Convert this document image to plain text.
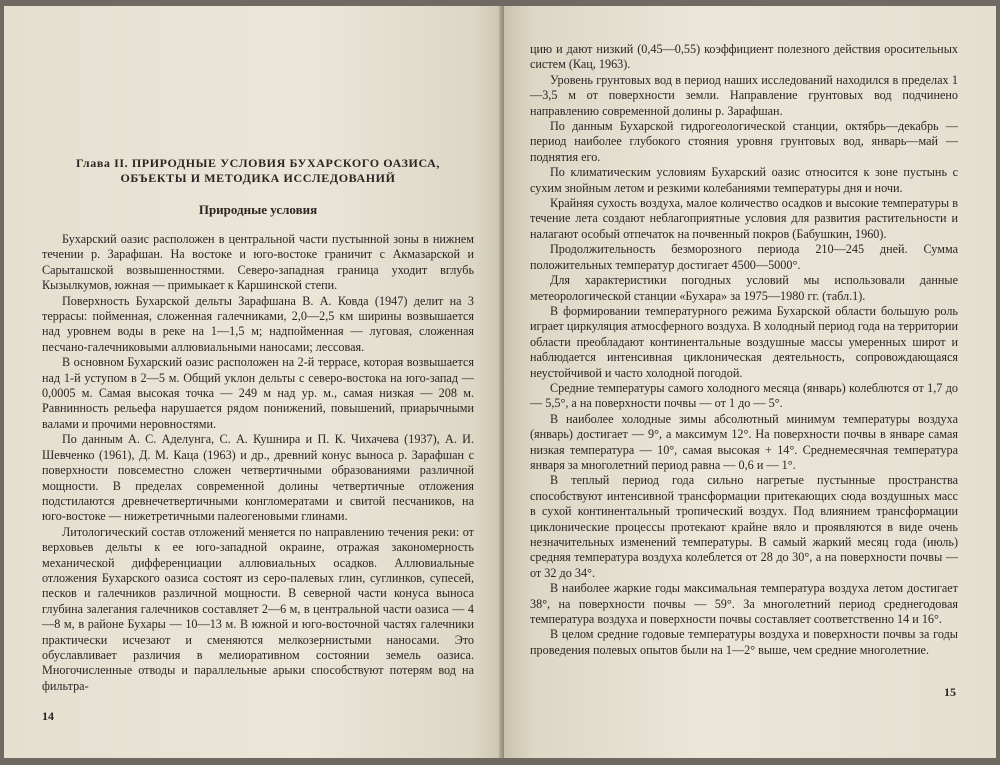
Глава II. ПРИРОДНЫЕ УСЛОВИЯ БУХАРСКОГО ОАЗИСА, ОБЪЕКТЫ И МЕТОДИКА ИССЛЕДОВАНИЙ
Природные условия

Бухарский оазис расположен в центральной части пустынной зоны в нижнем течении р. Зарафшан. На востоке и юго-востоке граничит с Акмазарской и Сарыташской возвышенностями. Северо-западная граница уходит вглубь Кызылкумов, южная — примыкает к Каршинской степи.

Поверхность Бухарской дельты Зарафшана В. А. Ковда (1947) делит на 3 террасы: пойменная, сложенная галечниками, 2,0—2,5 км ширины возвышается над уровнем воды в реке на 1—1,5 м; надпойменная — луговая, сложенная песчано-галечниковыми аллювиальными наносами; лессовая.

В основном Бухарский оазис расположен на 2-й террасе, которая возвышается над 1-й уступом в 2—5 м. Общий уклон дельты с северо-востока на юго-запад — 0,0005 м. Самая высокая точка — 249 м над ур. м., самая низкая — 208 м. Равнинность рельефа нарушается рядом понижений, повышений, приарычными валами и прочими неровностями.

По данным А. С. Аделунга, С. А. Кушнира и П. К. Чихачева (1937), А. И. Шевченко (1961), Д. М. Каца (1963) и др., древний конус выноса р. Зарафшан с поверхности повсеместно сложен четвертичными образованиями различной мощности. В пределах современной долины четвертичные отложения подстилаются древнечетвертичными конгломератами и свитой песчаников, на юго-востоке — нижетретичными палеогеновыми глинами.

Литологический состав отложений меняется по направлению течения реки: от верховьев дельты к ее юго-западной окраине, отражая закономерность механической дифференциации аллювиальных осадков. Аллювиальные отложения Бухарского оазиса состоят из серо-палевых глин, суглинков, супесей, песков и галечников различной мощности. В северной части конуса выноса глубина залегания галечников составляет 2—6 м, в центральной части оазиса — 4—8 м, в районе Бухары — 10—13 м. В южной и юго-восточной частях галечники практически исчезают и сменяются мелкозернистыми наносами. Это обуславливает различия в мелиоративном состоянии земель оазиса. Многочисленные отводы и параллельные арыки способствуют потерям вод на фильтра-

14

цию и дают низкий (0,45—0,55) коэффициент полезного действия оросительных систем (Кац, 1963).

Уровень грунтовых вод в период наших исследований находился в пределах 1—3,5 м от поверхности земли. Направление грунтовых вод подчинено направлению современной долины р. Зарафшан.

По данным Бухарской гидрогеологической станции, октябрь—декабрь — период наиболее глубокого стояния уровня грунтовых вод, январь—май — поднятия его.

По климатическим условиям Бухарский оазис относится к зоне пустынь с сухим знойным летом и резкими колебаниями температуры дня и ночи.

Крайняя сухость воздуха, малое количество осадков и высокие температуры в течение лета создают неблагоприятные условия для развития растительности и налагают особый отпечаток на почвенный покров (Бабушкин, 1960).

Продолжительность безморозного периода 210—245 дней. Сумма положительных температур достигает 4500—5000°.

Для характеристики погодных условий мы использовали данные метеорологической станции «Бухара» за 1975—1980 гг. (табл.1).

В формировании температурного режима Бухарской области большую роль играет циркуляция атмосферного воздуха. В холодный период года на территории области преобладают континентальные воздушные массы умеренных широт и наблюдается интенсивная циклоническая деятельность, сопровождающаяся неустойчивой и часто холодной погодой.

Средние температуры самого холодного месяца (январь) колеблются от 1,7 до — 5,5°, а на поверхности почвы — от 1 до — 5°.

В наиболее холодные зимы абсолютный минимум температуры воздуха (январь) достигает — 9°, а максимум 12°. На поверхности почвы в январе самая низкая температура — 10°, самая высокая + 14°. Среднемесячная температура января за многолетний период равна — 0,6 и — 1°.

В теплый период года сильно нагретые пустынные пространства способствуют интенсивной трансформации притекающих сюда воздушных масс в сухой континентальный тропический воздух. Под влиянием трансформации циклонические процессы протекают крайне вяло и проявляются в виде очень незначительных изменений температуры. В самый жаркий месяц года (июль) средняя температура воздуха колеблется от 28 до 30°, а на поверхности почвы — от 32 до 34°.

В наиболее жаркие годы максимальная температура воздуха летом достигает 38°, на поверхности почвы — 59°. За многолетний период среднегодовая температура воздуха и поверхности почвы составляет соответственно 14 и 16°.

В целом средние годовые температуры воздуха и поверхности почвы за годы проведения полевых опытов были на 1—2° выше, чем средние многолетние.

15
